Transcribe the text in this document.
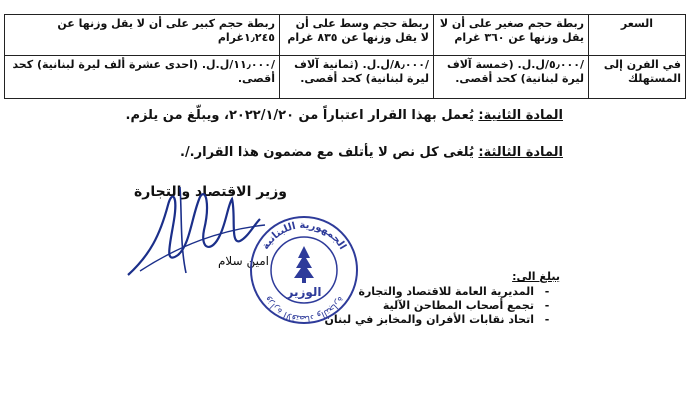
السعر	ربطة حجم صغير على أن لا يقل وزنها عن ٣٦٠ غرام	ربطة حجم وسط على أن لا يقل وزنها عن ٨٣٥ غرام	ربطة حجم كبير على أن لا يقل وزنها عن ١٫٢٤٥غرام
في الفرن إلى المستهلك	/٥٫٠٠٠/ل.ل. (خمسة آلاف ليرة لبنانية) كحد أقصى.	/٨٫٠٠٠/ل.ل. (ثمانية آلاف ليرة لبنانية) كحد أقصى.	/١١٫٠٠٠/ل.ل. (احدى عشرة ألف ليرة لبنانية) كحد أقصى.
المادة الثانية: يُعمل بهذا القرار اعتباراً من ٢٠٢٢/١/٢٠، ويبلّغ من يلزم.
المادة الثالثة: يُلغى كل نص لا يأتلف مع مضمون هذا القرار./.
وزير الاقتصاد والتجارة
امين سلام
الجمهورية اللبنانية
وزارة الاقتصاد والتجارة
الوزير
يبلغ الى:
-المديرية العامة للاقتصاد والتجارة
-تجمع أصحاب المطاحن الآلية
-اتحاد نقابات الأفران والمخابز في لبنان
